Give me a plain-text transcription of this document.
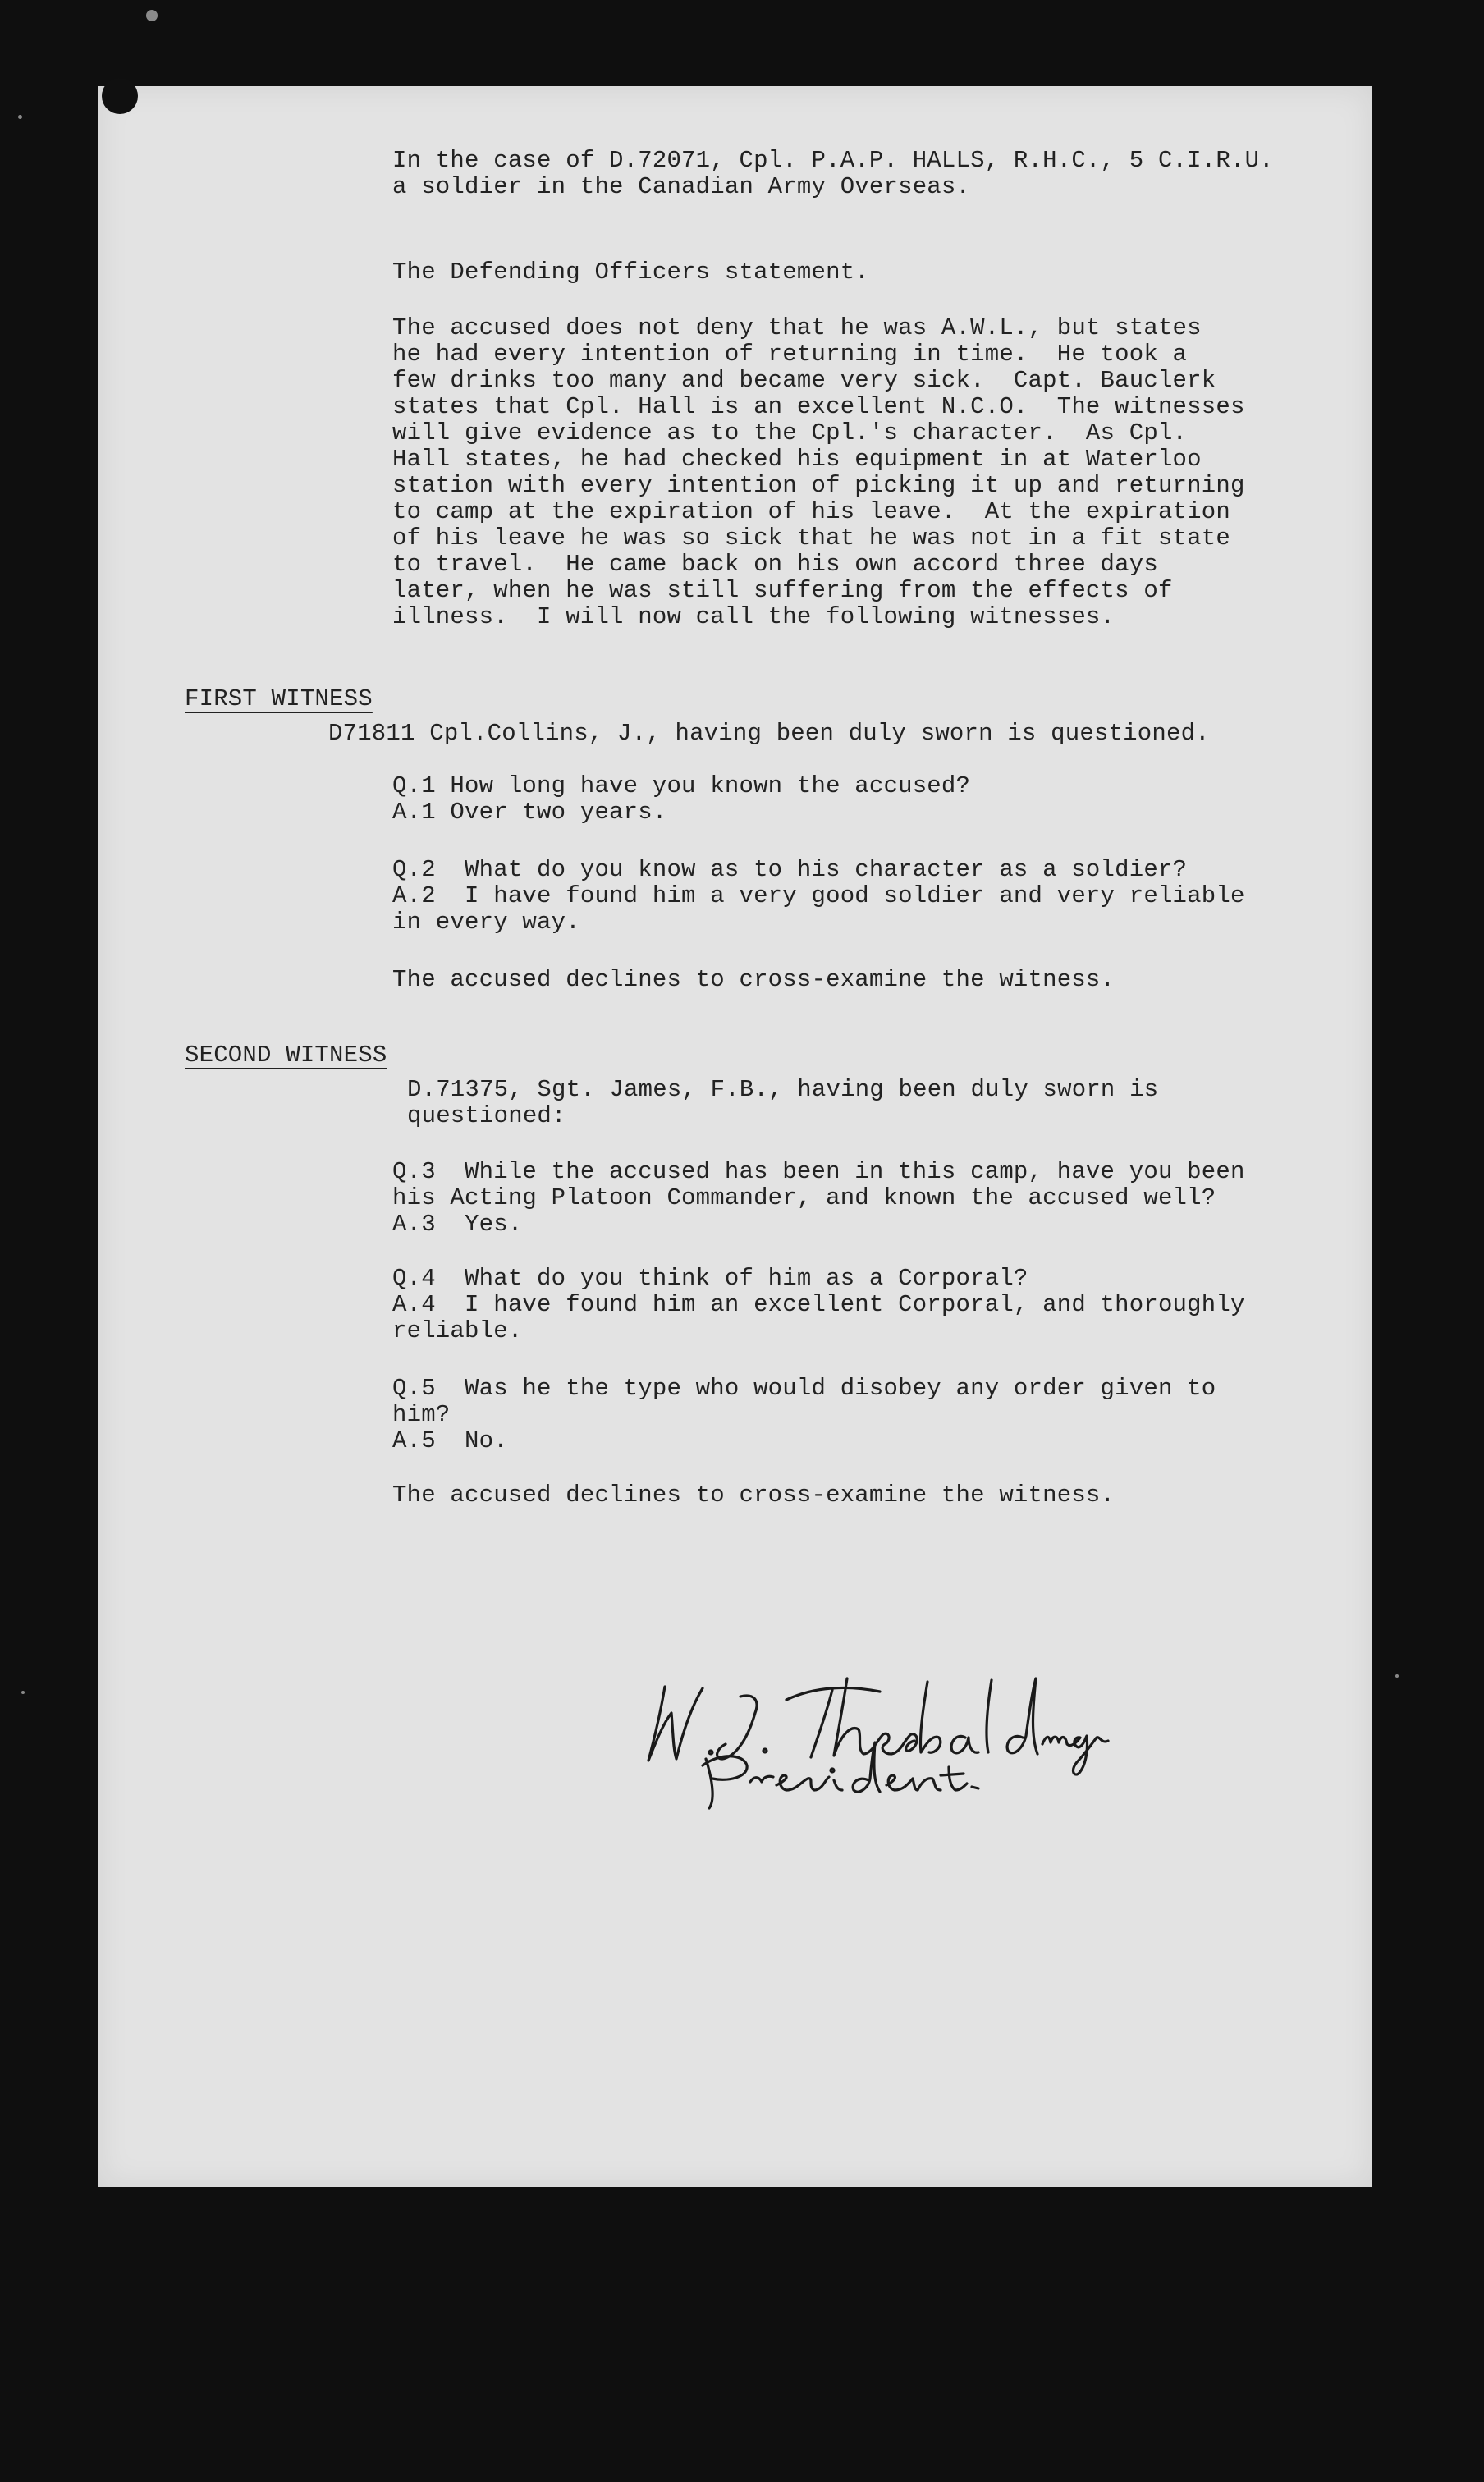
In the case of D.72071, Cpl. P.A.P. HALLS, R.H.C., 5 C.I.R.U.
a soldier in the Canadian Army Overseas.
The Defending Officers statement.
The accused does not deny that he was A.W.L., but states
he had every intention of returning in time.  He took a
few drinks too many and became very sick.  Capt. Bauclerk
states that Cpl. Hall is an excellent N.C.O.  The witnesses
will give evidence as to the Cpl.'s character.  As Cpl.
Hall states, he had checked his equipment in at Waterloo
station with every intention of picking it up and returning
to camp at the expiration of his leave.  At the expiration
of his leave he was so sick that he was not in a fit state
to travel.  He came back on his own accord three days
later, when he was still suffering from the effects of
illness.  I will now call the following witnesses.
FIRST WITNESS
D71811 Cpl.Collins, J., having been duly sworn is questioned.
Q.1 How long have you known the accused?
A.1 Over two years.
Q.2  What do you know as to his character as a soldier?
A.2  I have found him a very good soldier and very reliable
in every way.
The accused declines to cross-examine the witness.
SECOND WITNESS
D.71375, Sgt. James, F.B., having been duly sworn is
questioned:
Q.3  While the accused has been in this camp, have you been
his Acting Platoon Commander, and known the accused well?
A.3  Yes.
Q.4  What do you think of him as a Corporal?
A.4  I have found him an excellent Corporal, and thoroughly
reliable.
Q.5  Was he the type who would disobey any order given to
him?
A.5  No.
The accused declines to cross-examine the witness.
